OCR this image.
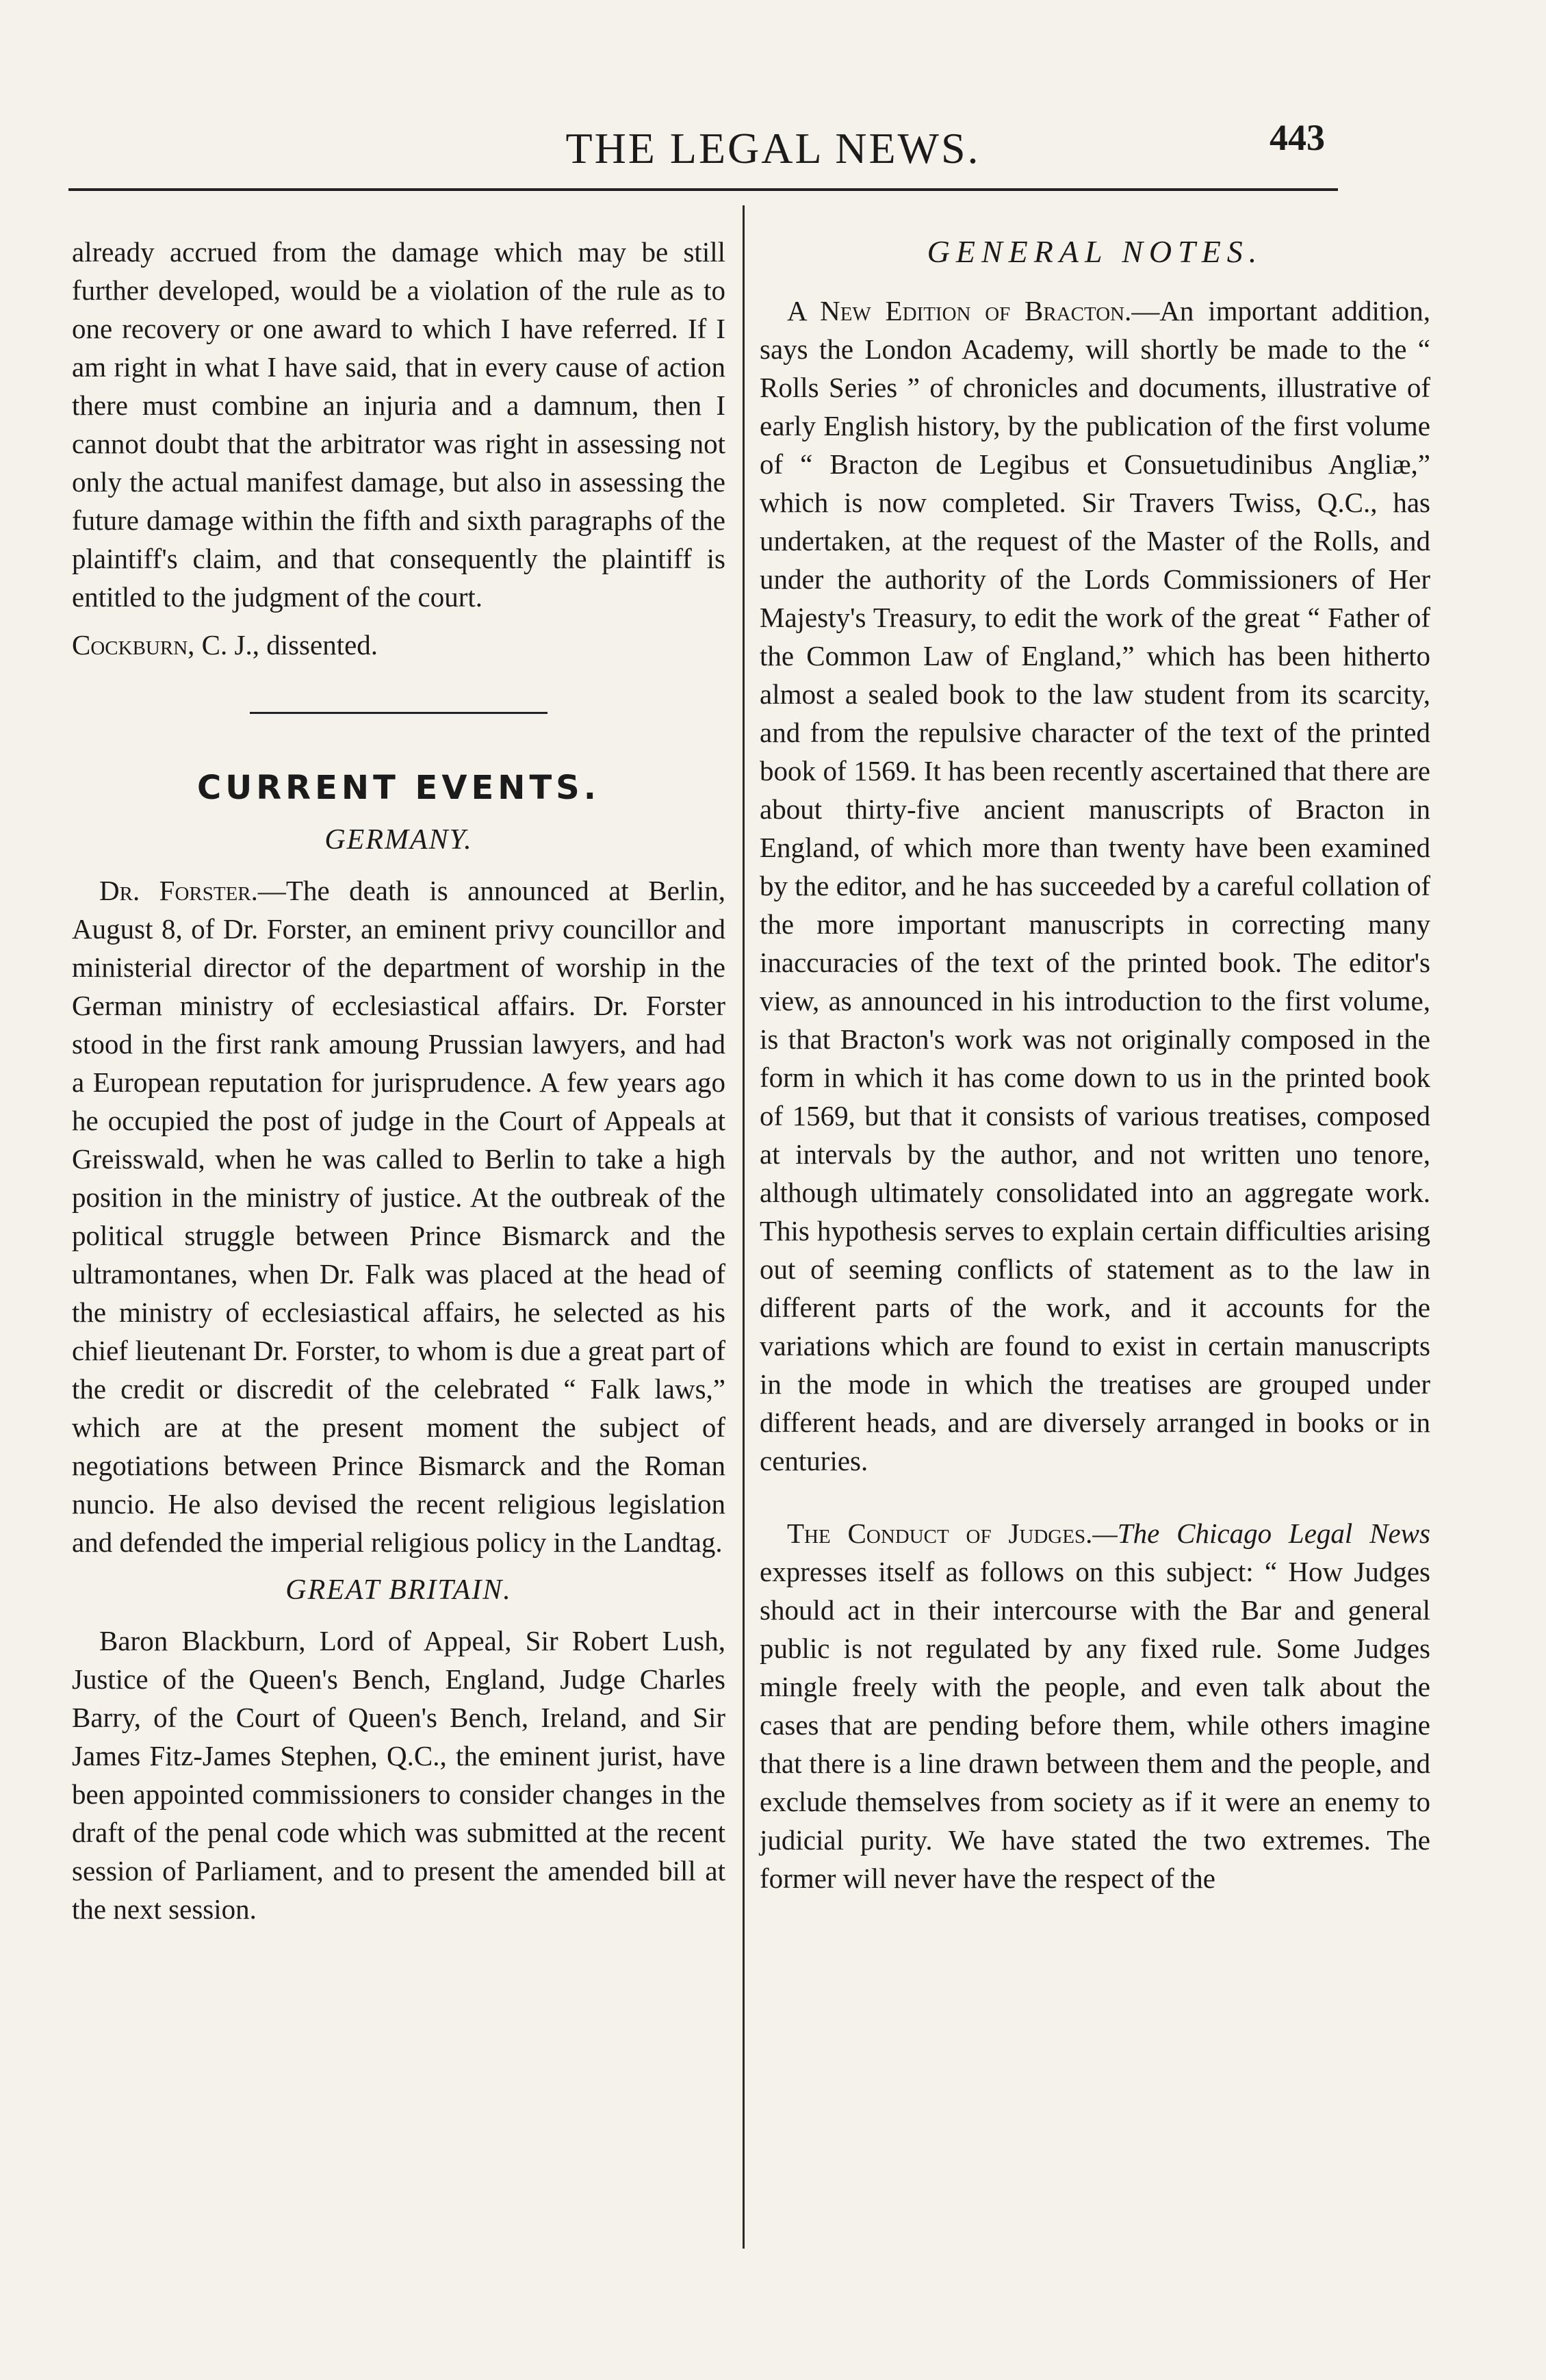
THE LEGAL NEWS.	443

already accrued from the damage which may be still further developed, would be a violation of the rule as to one recovery or one award to which I have referred. If I am right in what I have said, that in every cause of action there must combine an injuria and a damnum, then I cannot doubt that the arbitrator was right in assessing not only the actual manifest damage, but also in assessing the future damage within the fifth and sixth paragraphs of the plaintiff's claim, and that consequently the plaintiff is entitled to the judgment of the court.

Cockburn, C. J., dissented.

CURRENT EVENTS.
GERMANY.

Dr. Forster.—The death is announced at Berlin, August 8, of Dr. Forster, an eminent privy councillor and ministerial director of the department of worship in the German ministry of ecclesiastical affairs. Dr. Forster stood in the first rank amoung Prussian lawyers, and had a European reputation for jurisprudence. A few years ago he occupied the post of judge in the Court of Appeals at Greisswald, when he was called to Berlin to take a high position in the ministry of justice. At the outbreak of the political struggle between Prince Bismarck and the ultramontanes, when Dr. Falk was placed at the head of the ministry of ecclesiastical affairs, he selected as his chief lieutenant Dr. Forster, to whom is due a great part of the credit or discredit of the celebrated “ Falk laws,” which are at the present moment the subject of negotiations between Prince Bismarck and the Roman nuncio. He also devised the recent religious legislation and defended the imperial religious policy in the Landtag.

GREAT BRITAIN.

Baron Blackburn, Lord of Appeal, Sir Robert Lush, Justice of the Queen's Bench, England, Judge Charles Barry, of the Court of Queen's Bench, Ireland, and Sir James Fitz-James Stephen, Q.C., the eminent jurist, have been appointed commissioners to consider changes in the draft of the penal code which was submitted at the recent session of Parliament, and to present the amended bill at the next session.

GENERAL NOTES.

A New Edition of Bracton.—An important addition, says the London Academy, will shortly be made to the “ Rolls Series ” of chronicles and documents, illustrative of early English history, by the publication of the first volume of “ Bracton de Legibus et Consuetudinibus Angliæ,” which is now completed. Sir Travers Twiss, Q.C., has undertaken, at the request of the Master of the Rolls, and under the authority of the Lords Commissioners of Her Majesty's Treasury, to edit the work of the great “ Father of the Common Law of England,” which has been hitherto almost a sealed book to the law student from its scarcity, and from the repulsive character of the text of the printed book of 1569. It has been recently ascertained that there are about thirty-five ancient manuscripts of Bracton in England, of which more than twenty have been examined by the editor, and he has succeeded by a careful collation of the more important manuscripts in correcting many inaccuracies of the text of the printed book. The editor's view, as announced in his introduction to the first volume, is that Bracton's work was not originally composed in the form in which it has come down to us in the printed book of 1569, but that it consists of various treatises, composed at intervals by the author, and not written uno tenore, although ultimately consolidated into an aggregate work. This hypothesis serves to explain certain difficulties arising out of seeming conflicts of statement as to the law in different parts of the work, and it accounts for the variations which are found to exist in certain manuscripts in the mode in which the treatises are grouped under different heads, and are diversely arranged in books or in centuries.

The Conduct of Judges.—The Chicago Legal News expresses itself as follows on this subject: “ How Judges should act in their intercourse with the Bar and general public is not regulated by any fixed rule. Some Judges mingle freely with the people, and even talk about the cases that are pending before them, while others imagine that there is a line drawn between them and the people, and exclude themselves from society as if it were an enemy to judicial purity. We have stated the two extremes. The former will never have the respect of the
